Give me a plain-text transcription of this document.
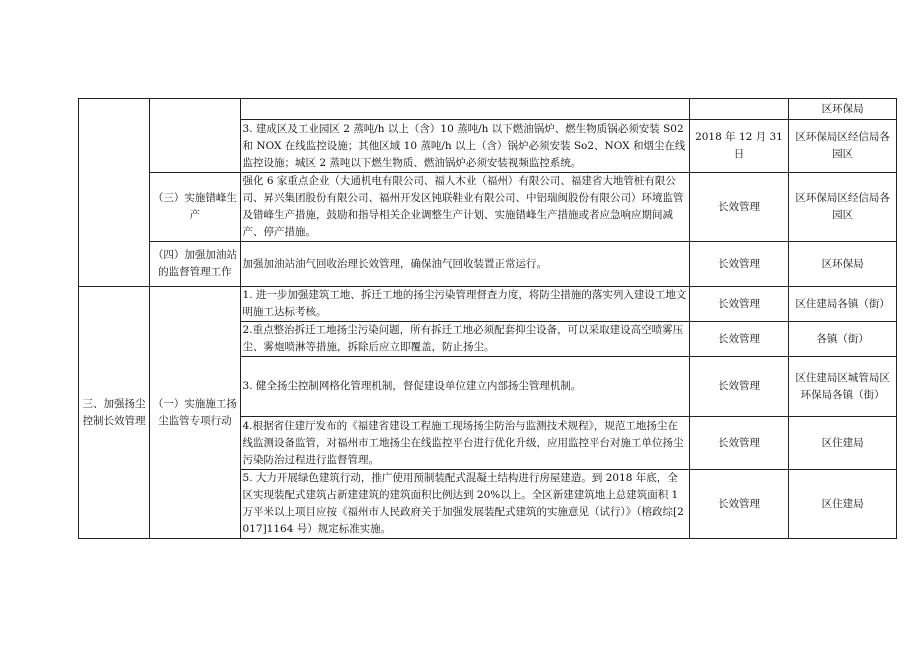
				区环保局
		3. 建成区及工业园区 2 蒸吨/h 以上（含）10 蒸吨/h 以下燃油锅炉、燃生物质锅必须安装 S02 和 NOX 在线监控设施；其他区域 10 蒸吨/h 以上（含）锅炉必须安装 So2、NOX 和烟尘在线监控设施；城区 2 蒸吨以下燃生物质、燃油锅炉必须安装视频监控系统。	2018 年 12 月 31 日	区环保局区经信局各园区
	（三）实施错峰生产	强化 6 家重点企业（大通机电有限公司、福人木业（福州）有限公司、福建省大地管桩有限公司、昇兴集团股份有限公司、福州开发区钝联鞋业有限公司、中铝瑞闽股份有限公司）环境监管及错峰生产措施，鼓励和指导相关企业调整生产计划、实施错峰生产措施或者应急响应期间减产、停产措施。	长效管理	区环保局区经信局各园区
	（四）加强加油站的监督管理工作	加强加油站油气回收治理长效管理，确保油气回收装置正常运行。	长效管理	区环保局
三、加强扬尘控制长效管理	（一）实施施工扬尘监管专项行动	1. 进一步加强建筑工地、拆迁工地的扬尘污染管理督查力度，将防尘措施的落实列入建设工地文明施工达标考核。	长效管理	区住建局各镇（街）
		2.重点整治拆迁工地扬尘污染问题，所有拆迁工地必须配套抑尘设备，可以采取建设高空喷雾压尘、雾炮喷淋等措施，拆除后应立即覆盖，防止扬尘。	长效管理	各镇（街）
		3. 健全扬尘控制网格化管理机制，督促建设单位建立内部扬尘管理机制。	长效管理	区住建局区城管局区环保局各镇（街）
		4.根据省住建厅发布的《福建省建设工程施工现场扬尘防治与监测技术规程》，规范工地扬尘在线监测设备监管，对福州市工地扬尘在线监控平台进行优化升级，应用监控平台对施工单位扬尘污染防治过程进行监督管理。	长效管理	区住建局
		5. 大力开展绿色建筑行动，推广使用预制装配式混凝土结构进行房屋建造。到 2018 年底，全区实现装配式建筑占新建建筑的建筑面积比例达到 20%以上。全区新建建筑地上总建筑面积 1 万平米以上项目应按《福州市人民政府关于加强发展装配式建筑的实施意见（试行）》（榕政综[2017]1164 号）规定标准实施。	长效管理	区住建局
